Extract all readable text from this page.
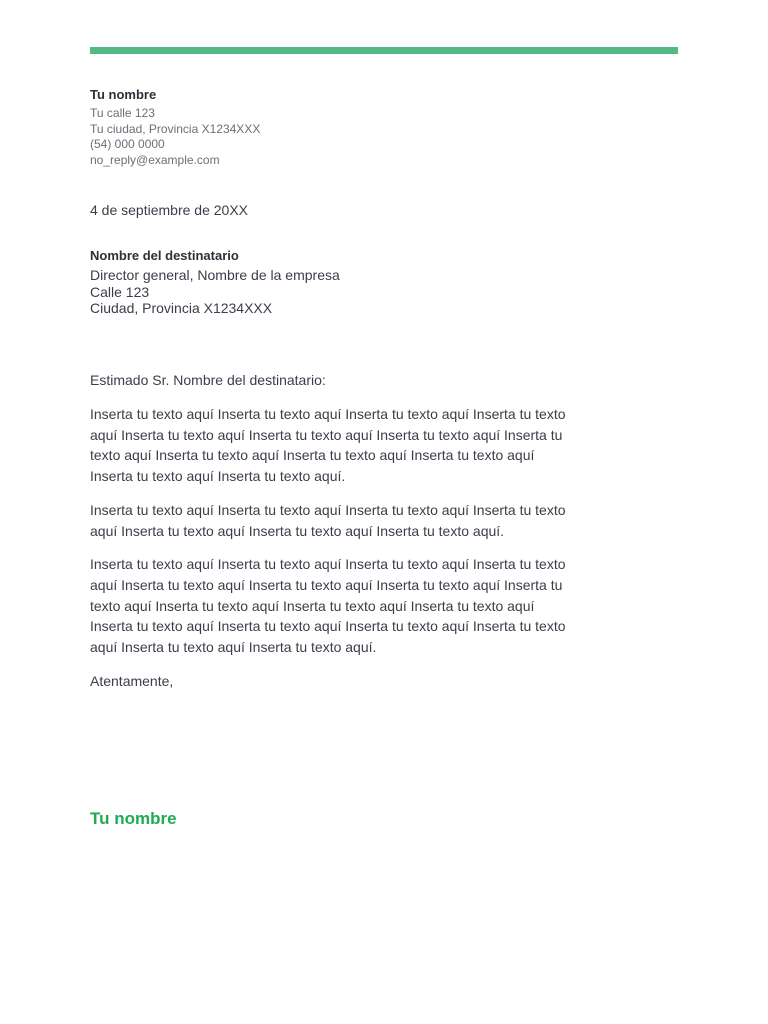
Tu nombre
Tu calle 123
Tu ciudad, Provincia X1234XXX
(54) 000 0000
no_reply@example.com
4 de septiembre de 20XX
Nombre del destinatario
Director general, Nombre de la empresa
Calle 123
Ciudad, Provincia X1234XXX
Estimado Sr. Nombre del destinatario:

Inserta tu texto aquí Inserta tu texto aquí Inserta tu texto aquí Inserta tu texto aquí Inserta tu texto aquí Inserta tu texto aquí Inserta tu texto aquí Inserta tu texto aquí Inserta tu texto aquí Inserta tu texto aquí Inserta tu texto aquí Inserta tu texto aquí Inserta tu texto aquí.

Inserta tu texto aquí Inserta tu texto aquí Inserta tu texto aquí Inserta tu texto aquí Inserta tu texto aquí Inserta tu texto aquí Inserta tu texto aquí.

Inserta tu texto aquí Inserta tu texto aquí Inserta tu texto aquí Inserta tu texto aquí Inserta tu texto aquí Inserta tu texto aquí Inserta tu texto aquí Inserta tu texto aquí Inserta tu texto aquí Inserta tu texto aquí Inserta tu texto aquí Inserta tu texto aquí Inserta tu texto aquí Inserta tu texto aquí Inserta tu texto aquí Inserta tu texto aquí Inserta tu texto aquí.

Atentamente,
Tu nombre
